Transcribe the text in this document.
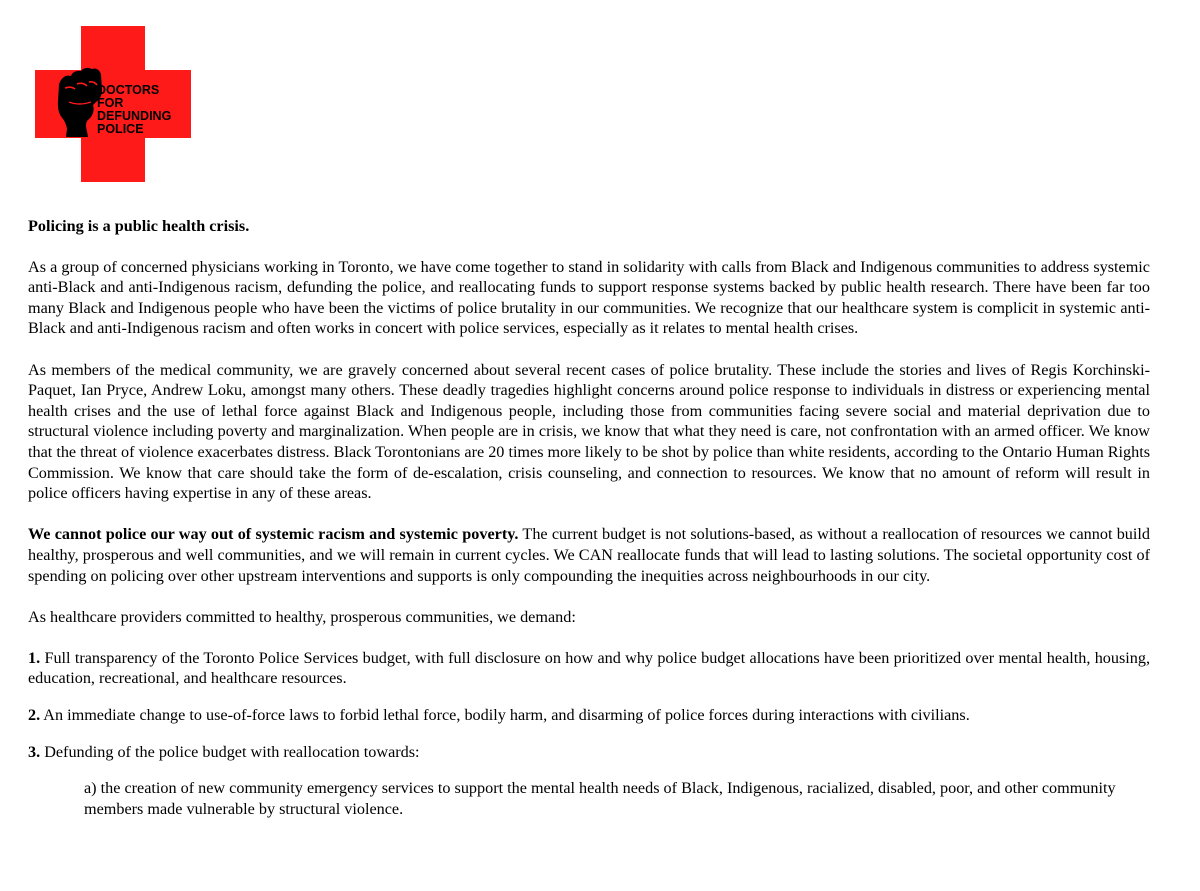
DOCTORS
FOR
DEFUNDING
POLICE

Policing is a public health crisis.

As a group of concerned physicians working in Toronto, we have come together to stand in solidarity with calls from Black and Indigenous communities to address systemic anti-Black and anti-Indigenous racism, defunding the police, and reallocating funds to support response systems backed by public health research. There have been far too many Black and Indigenous people who have been the victims of police brutality in our communities. We recognize that our healthcare system is complicit in systemic anti-Black and anti-Indigenous racism and often works in concert with police services, especially as it relates to mental health crises.

As members of the medical community, we are gravely concerned about several recent cases of police brutality. These include the stories and lives of Regis Korchinski-Paquet, Ian Pryce, Andrew Loku, amongst many others. These deadly tragedies highlight concerns around police response to individuals in distress or experiencing mental health crises and the use of lethal force against Black and Indigenous people, including those from communities facing severe social and material deprivation due to structural violence including poverty and marginalization. When people are in crisis, we know that what they need is care, not confrontation with an armed officer. We know that the threat of violence exacerbates distress. Black Torontonians are 20 times more likely to be shot by police than white residents, according to the Ontario Human Rights Commission. We know that care should take the form of de-escalation, crisis counseling, and connection to resources. We know that no amount of reform will result in police officers having expertise in any of these areas.

We cannot police our way out of systemic racism and systemic poverty. The current budget is not solutions-based, as without a reallocation of resources we cannot build healthy, prosperous and well communities, and we will remain in current cycles. We CAN reallocate funds that will lead to lasting solutions. The societal opportunity cost of spending on policing over other upstream interventions and supports is only compounding the inequities across neighbourhoods in our city.

As healthcare providers committed to healthy, prosperous communities, we demand:

1. Full transparency of the Toronto Police Services budget, with full disclosure on how and why police budget allocations have been prioritized over mental health, housing, education, recreational, and healthcare resources.

2. An immediate change to use-of-force laws to forbid lethal force, bodily harm, and disarming of police forces during interactions with civilians.

3. Defunding of the police budget with reallocation towards:

a) the creation of new community emergency services to support the mental health needs of Black, Indigenous, racialized, disabled, poor, and other community members made vulnerable by structural violence.
